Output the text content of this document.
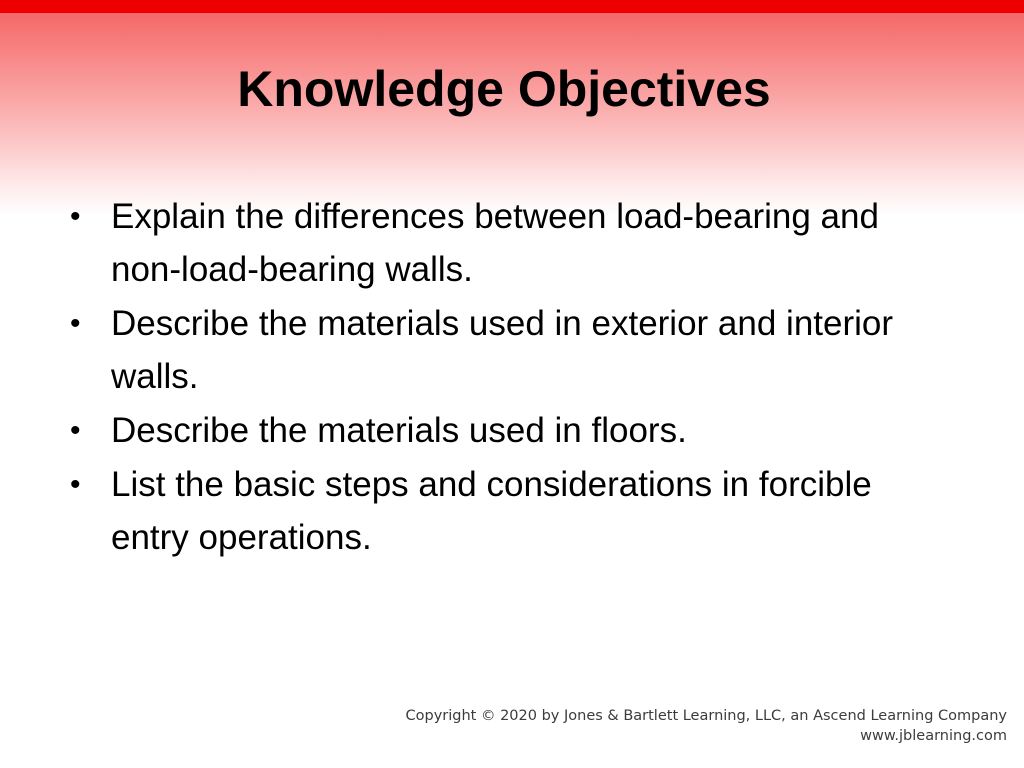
Knowledge Objectives
• Explain the differences between load-bearing and non-load-bearing walls.
• Describe the materials used in exterior and interior walls.
• Describe the materials used in floors.
• List the basic steps and considerations in forcible entry operations.
Copyright © 2020 by Jones & Bartlett Learning, LLC, an Ascend Learning Company
www.jblearning.com
